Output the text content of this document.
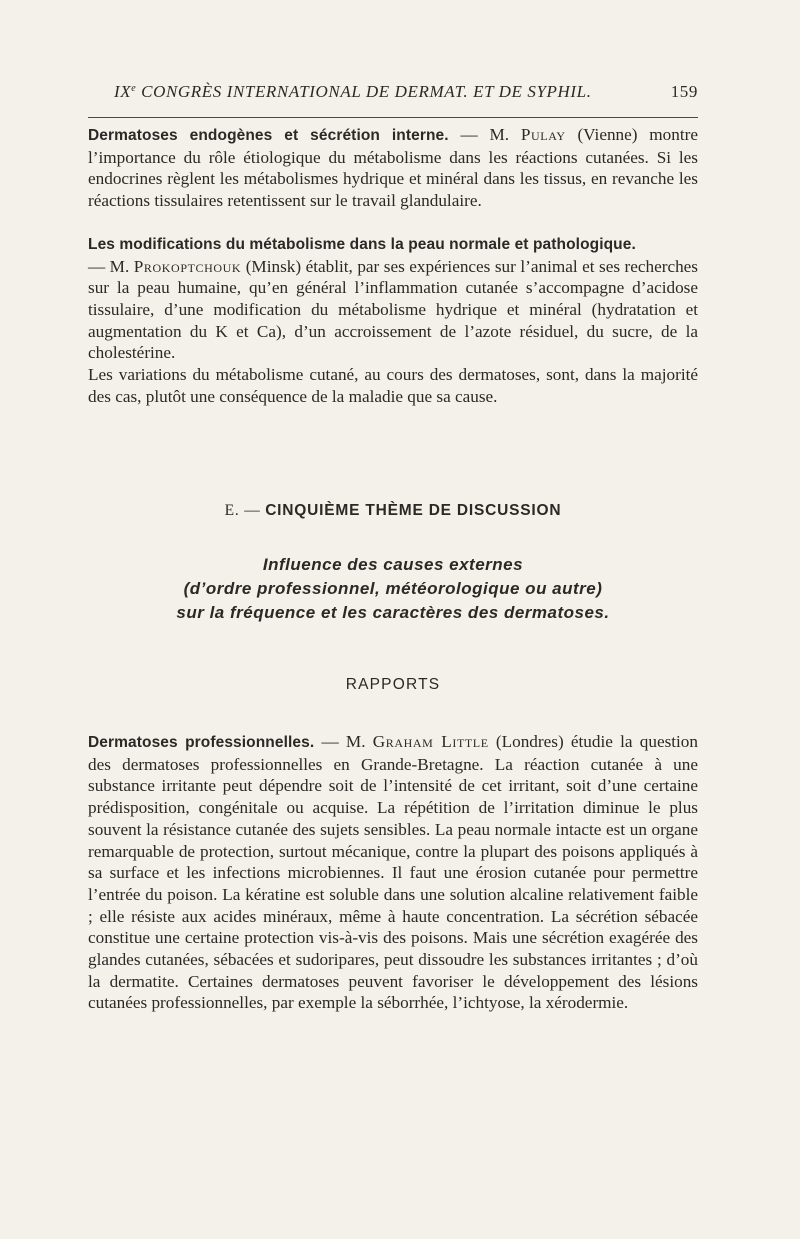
IXe CONGRÈS INTERNATIONAL DE DERMAT. ET DE SYPHIL.	159

Dermatoses endogènes et sécrétion interne. — M. Pulay (Vienne) montre l’importance du rôle étiologique du métabolisme dans les réactions cutanées. Si les endocrines règlent les métabolismes hydrique et minéral dans les tissus, en revanche les réactions tissulaires retentissent sur le travail glandulaire.

Les modifications du métabolisme dans la peau normale et pathologique.
— M. Prokoptchouk (Minsk) établit, par ses expériences sur l’animal et ses recherches sur la peau humaine, qu’en général l’inflammation cutanée s’accompagne d’acidose tissulaire, d’une modification du métabolisme hydrique et minéral (hydratation et augmentation du K et Ca), d’un accroissement de l’azote résiduel, du sucre, de la cholestérine.

Les variations du métabolisme cutané, au cours des dermatoses, sont, dans la majorité des cas, plutôt une conséquence de la maladie que sa cause.

E. — CINQUIÈME THÈME DE DISCUSSION
Influence des causes externes
(d’ordre professionnel, météorologique ou autre)
sur la fréquence et les caractères des dermatoses.
RAPPORTS

Dermatoses professionnelles. — M. Graham Little (Londres) étudie la question des dermatoses professionnelles en Grande-Bretagne. La réaction cutanée à une substance irritante peut dépendre soit de l’intensité de cet irritant, soit d’une certaine prédisposition, congénitale ou acquise. La répétition de l’irritation diminue le plus souvent la résistance cutanée des sujets sensibles. La peau normale intacte est un organe remarquable de protection, surtout mécanique, contre la plupart des poisons appliqués à sa surface et les infections microbiennes. Il faut une érosion cutanée pour permettre l’entrée du poison. La kératine est soluble dans une solution alcaline relativement faible ; elle résiste aux acides minéraux, même à haute concentration. La sécrétion sébacée constitue une certaine protection vis-à-vis des poisons. Mais une sécrétion exagérée des glandes cutanées, sébacées et sudoripares, peut dissoudre les substances irritantes ; d’où la dermatite. Certaines dermatoses peuvent favoriser le développement des lésions cutanées professionnelles, par exemple la séborrhée, l’ichtyose, la xérodermie.
